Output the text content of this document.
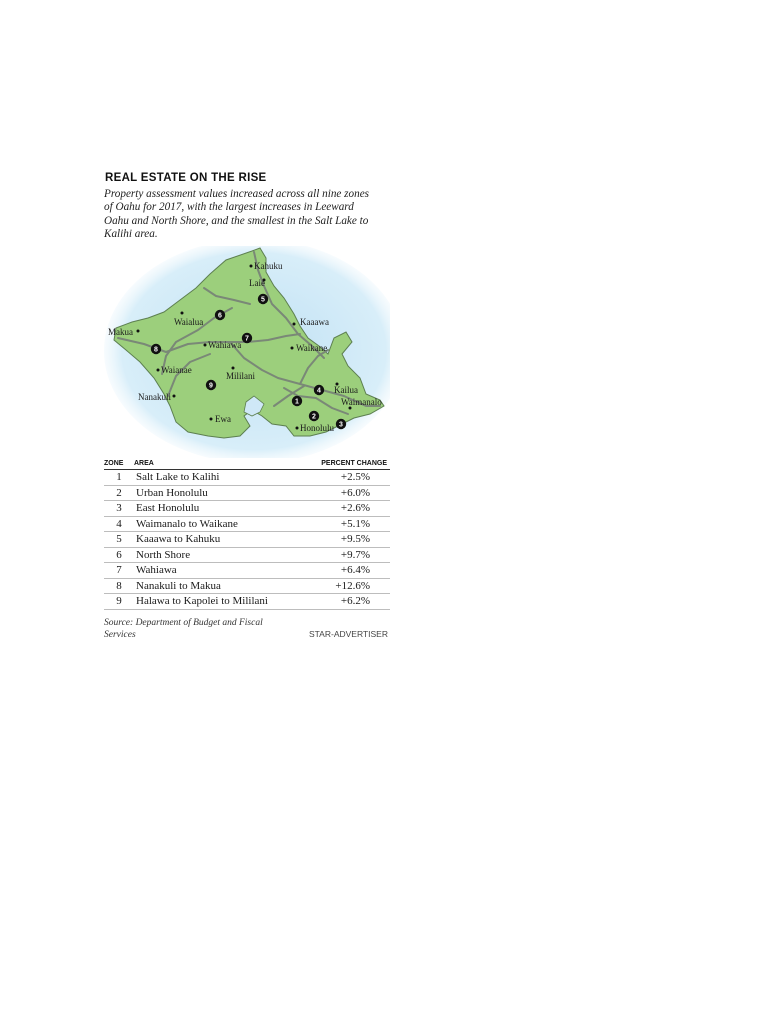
REAL ESTATE ON THE RISE
Property assessment values increased across all nine zones of Oahu for 2017, with the largest increases in Leeward Oahu and North Shore, and the smallest in the Salt Lake to Kalihi area.
Kahuku
Laie
Kaaawa
Waialua
Makua
Wahiawa	Waikane
Mililani
Waianae
Kailua
Nanakuli	Waimanalo
Ewa
Honolulu
1
2
3
4
5
6
7
8
9
ZONE	AREA	PERCENT CHANGE
1	Salt Lake to Kalihi	+2.5%
2	Urban Honolulu	+6.0%
3	East Honolulu	+2.6%
4	Waimanalo to Waikane	+5.1%
5	Kaaawa to Kahuku	+9.5%
6	North Shore	+9.7%
7	Wahiawa	+6.4%
8	Nanakuli to Makua	+12.6%
9	Halawa to Kapolei to Mililani	+6.2%
Source: Department of Budget and Fiscal Services	STAR-ADVERTISER
